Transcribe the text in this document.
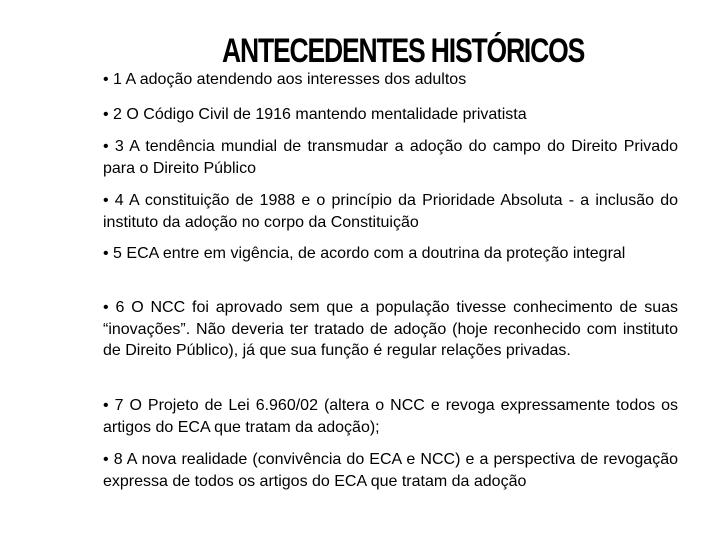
ANTECEDENTES HISTÓRICOS
• 1 A adoção atendendo aos interesses dos adultos
• 2 O Código Civil de 1916 mantendo mentalidade privatista
• 3 A tendência mundial de transmudar a adoção do campo do Direito Privado para o Direito Público
• 4 A constituição de 1988 e o princípio da Prioridade Absoluta - a inclusão do instituto da adoção no corpo da Constituição
• 5 ECA entre em vigência, de acordo com a doutrina da proteção integral
• 6 O NCC foi aprovado sem que a população tivesse conhecimento de suas “inovações”. Não deveria ter tratado de adoção (hoje reconhecido com instituto de Direito Público), já que sua função é regular relações privadas.
• 7 O Projeto de Lei 6.960/02 (altera o NCC e revoga expressamente todos os artigos do ECA que tratam da adoção);
• 8 A nova realidade (convivência do ECA e NCC) e a perspectiva de revogação expressa de todos os artigos do ECA que tratam da adoção
